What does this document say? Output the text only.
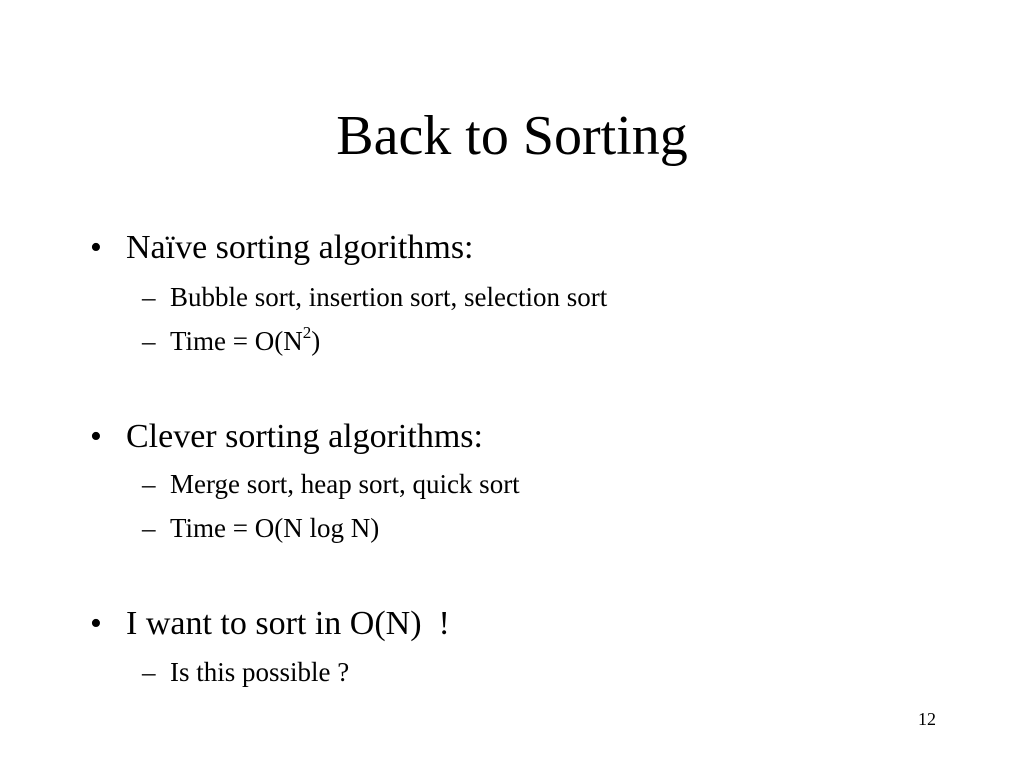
Back to Sorting
• Naïve sorting algorithms:
– Bubble sort, insertion sort, selection sort
– Time = $O(N^2)$
• Clever sorting algorithms:
– Merge sort, heap sort, quick sort
– Time = O(N log N)
• I want to sort in O(N)  !
– Is this possible ?
12
